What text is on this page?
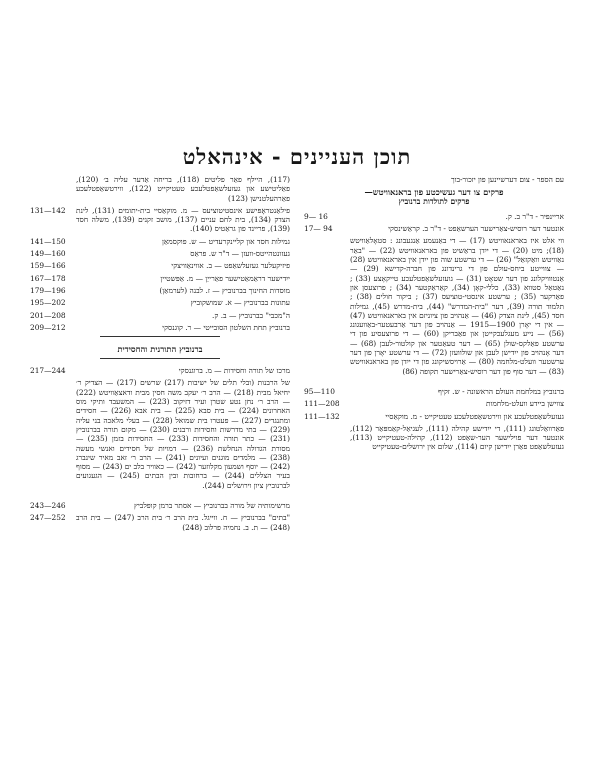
תוכן העניינים - אינהאלט
עם הספר - צום דערשיינען פון יזכור-בוך
פרקים צו דער געשיכטע פון בראנאוויטש—
פרקים לתולדות ברנוביץ
9— 16	אריינפיר - ד"ר ב. ק.
17— 94	אונטער דער רוסיש-צאַרישער הערשאַפט - ד"ר ב. קראַשינסקי
ווי אלט איז באראנאוויטש (17) — די באַנעמע אַנגעבונג : סטאָלאַוויטש (18); מיט (20) — די ייִדן בראַשיט פון באראנאוויטש (22) — "באַר נאַוויטש וואַקזאַל" (26) — די ערשטע שוה פון ייִדן אין באראנאוויטש (28) — צווייטע ביחס-עולם פון די גרינדונג פון חברה-קדישא (29) — אַנטווויקלונג פון דער שטאָט (31) — גועזעלשאַפטלעכע טייקאָצע (33) ; נאַטאַל סטווא (33), כללי-קאָן (34), קאַראַקטער (34) ; פרוצעסן און פאַרקער (35) ; ערשטע אינסטי-טוציעס (37) ; ביקור חולים (38) ; תלמוד תורה (39), דער "בית-המדרש" (44), בית-מדרש (45), גמילות חסד (45), לינת הצדק (46) — אַנהויב פון ציוניזם אין באראנאוויטש (47) — אין די יאָרן 1900—1915 — אַנהויב פון דער אַרבעטער-באַוועגונג (56) — נייע מעגלעכקייטן און פאַבריקן (60) — די פרוצעסיע פון די ערשטע פאַלקס-שולן (65) — דער טעאַטער און קולטור-לעבן (68) — דער אָנהויב פון ייִדישן לעבן און שולוועזן (72) — די ערשטע יאָרן פון דער ערשטער וועלט-מלחמה (80) — אַרויסשיקונג פון די ייִדן פון באראנאוויטש (83) — דער סוף פון דער רוסיש-צאַרישער תקופה (86)
95—110	ברנוביץ במלחמת העולם הראשונה - ש. זקיף
111—208	צווישן ביידע וועלט-מלחמות
111—132	געזעלשאַפטלעכע און ווירטשאַפטלעכע טעטיקייט - מ. מוקאַסיי
פאַרוואַלטונג (111), די ייִדישע קהילה (111), לעגיאַל-קאַמפּאַר (112), אונטער דער פוילישער הער-שאַפט (112), קהילה-טעטיקייט (113), געזעלשאַפט פאַרן ייִדישן קיום (114), שלום אין ירושלים-טעטיקייט
(117), היילף פאַר פליטים (118), בריחה אַדער עליה ב׳ (120), פאַליטישע און געזעלשאַפטלעכע טעטיקייט (122), ווירטשאַפטלעכע פאַרהעלטנישן (123)
131—142	פילאַנטראָפּישע אינסטיטוציעס — מ. מוקאַסיי בית-יתומים (131), לינת הצדק (134), בית לחם עניים (137), מושב זקנים (139), משלה חסד (139), פריינד פון גראַטיס (140).
141—150	גמילות חסד און קליינקרעדיט — ש. פוקסמאַן
149—160	געזונטהייטס-וועזן — ד"ר ש. פראַס
159—166	פיזיקעלער געזעלשאַפט — ב. אווינאַוויצקי
167—178	ייִדישער דראַמאַטישער פאַרייַן — מ. אַפּשטיין
179—196	מוסדות החינוך בברנוביץ — ז. לבנה (לערמאַן)
195—202	עתונות בברנוביץ — א. שמושקוביץ
201—208	ה"מכבי" בברנוביץ — ב. ק.
209—212	ברנוביץ תחת השלטון הסובייטי — ר. קוגנסקי
ברנוביץ התורנית והחסידית
217—244	מרכז של תורה וחסידות — מ. ברוגנסקי
של הרבנות (ובלי תלים של ישיבות (217) שרשים (217) — הצדיק ר׳ יחיאל מבית (218) — הרב ר׳ יעקב משה חסין מבית ודאצאַוויטש (222) — הרב ר׳ נחן נטע שטרן ועיר דזיקוב (223) — המשעבד ותיקי מוס האחרונים (224) — בית סבא (225) — בית אבא (226) — חסידים ומתנגדים (227) — פעטרו בית שמואל (228) — בעלי מלאכה בני עליה (229) — בתי מדרשות וחסידות ורבנים (230) — מקום תורה בברנוביץ (231) — כתר תורה והחסידות (233) — החסידות בזמן (235) — מסורת הגדולה הנחלשת (236) — דמויות של חסידים ואנשי מעשה (238) — מלמדים מוגנים ועיונים (241) — הרב ר׳ זאב מאיר שינברג (242) — יוסף ושמעון מקלוזער (242) — כאוויר בלב ים (243) — מסוף בעיר הצללים (244) — ברחובות ובין הבתים (245) — הגעגועים לברנוביץ ציון וירושלים (244).
243—246	מרשימותיה של מורה בברנוביץ — אסתר ברמן קופלביץ
247—252	"בתים" בברנוביץ — ח. ווייגל. בית הרב ר׳ בית הרב (247) — בית הרב (248) — ת. ב. נחמיה פרלוב (248)
